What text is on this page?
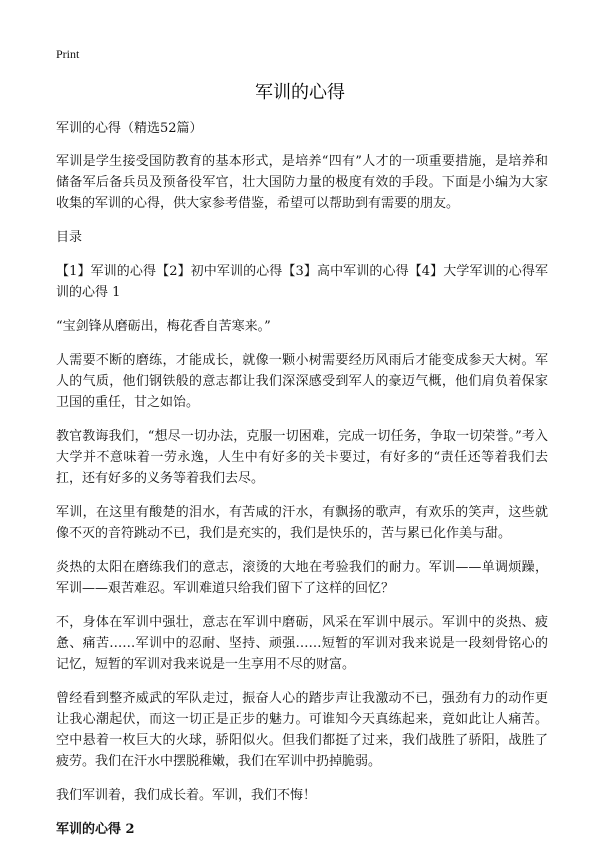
Print
军训的心得

军训的心得（精选52篇）

军训是学生接受国防教育的基本形式，是培养“四有”人才的一项重要措施，是培养和储备军后备兵员及预备役军官，壮大国防力量的极度有效的手段。下面是小编为大家收集的军训的心得，供大家参考借鉴，希望可以帮助到有需要的朋友。

目录

【1】军训的心得【2】初中军训的心得【3】高中军训的心得【4】大学军训的心得军训的心得 1

“宝剑锋从磨砺出，梅花香自苦寒来。”

人需要不断的磨练，才能成长，就像一颗小树需要经历风雨后才能变成参天大树。军人的气质，他们钢铁般的意志都让我们深深感受到军人的豪迈气概，他们肩负着保家卫国的重任，甘之如饴。

教官教诲我们，“想尽一切办法，克服一切困难，完成一切任务，争取一切荣誉。”考入大学并不意味着一劳永逸，人生中有好多的关卡要过，有好多的“责任还等着我们去扛，还有好多的义务等着我们去尽。

军训，在这里有酸楚的泪水，有苦咸的汗水，有飘扬的歌声，有欢乐的笑声，这些就像不灭的音符跳动不已，我们是充实的，我们是快乐的，苦与累已化作美与甜。

炎热的太阳在磨练我们的意志，滚烫的大地在考验我们的耐力。军训——单调烦躁，军训——艰苦难忍。军训难道只给我们留下了这样的回忆？

不，身体在军训中强壮，意志在军训中磨砺，风采在军训中展示。军训中的炎热、疲惫、痛苦……军训中的忍耐、坚持、顽强……短暂的军训对我来说是一段刻骨铭心的记忆，短暂的军训对我来说是一生享用不尽的财富。

曾经看到整齐威武的军队走过，振奋人心的踏步声让我激动不已，强劲有力的动作更让我心潮起伏，而这一切正是正步的魅力。可谁知今天真练起来，竟如此让人痛苦。空中悬着一枚巨大的火球，骄阳似火。但我们都挺了过来，我们战胜了骄阳，战胜了疲劳。我们在汗水中摆脱稚嫩，我们在军训中扔掉脆弱。

我们军训着，我们成长着。军训，我们不悔！

军训的心得 2
